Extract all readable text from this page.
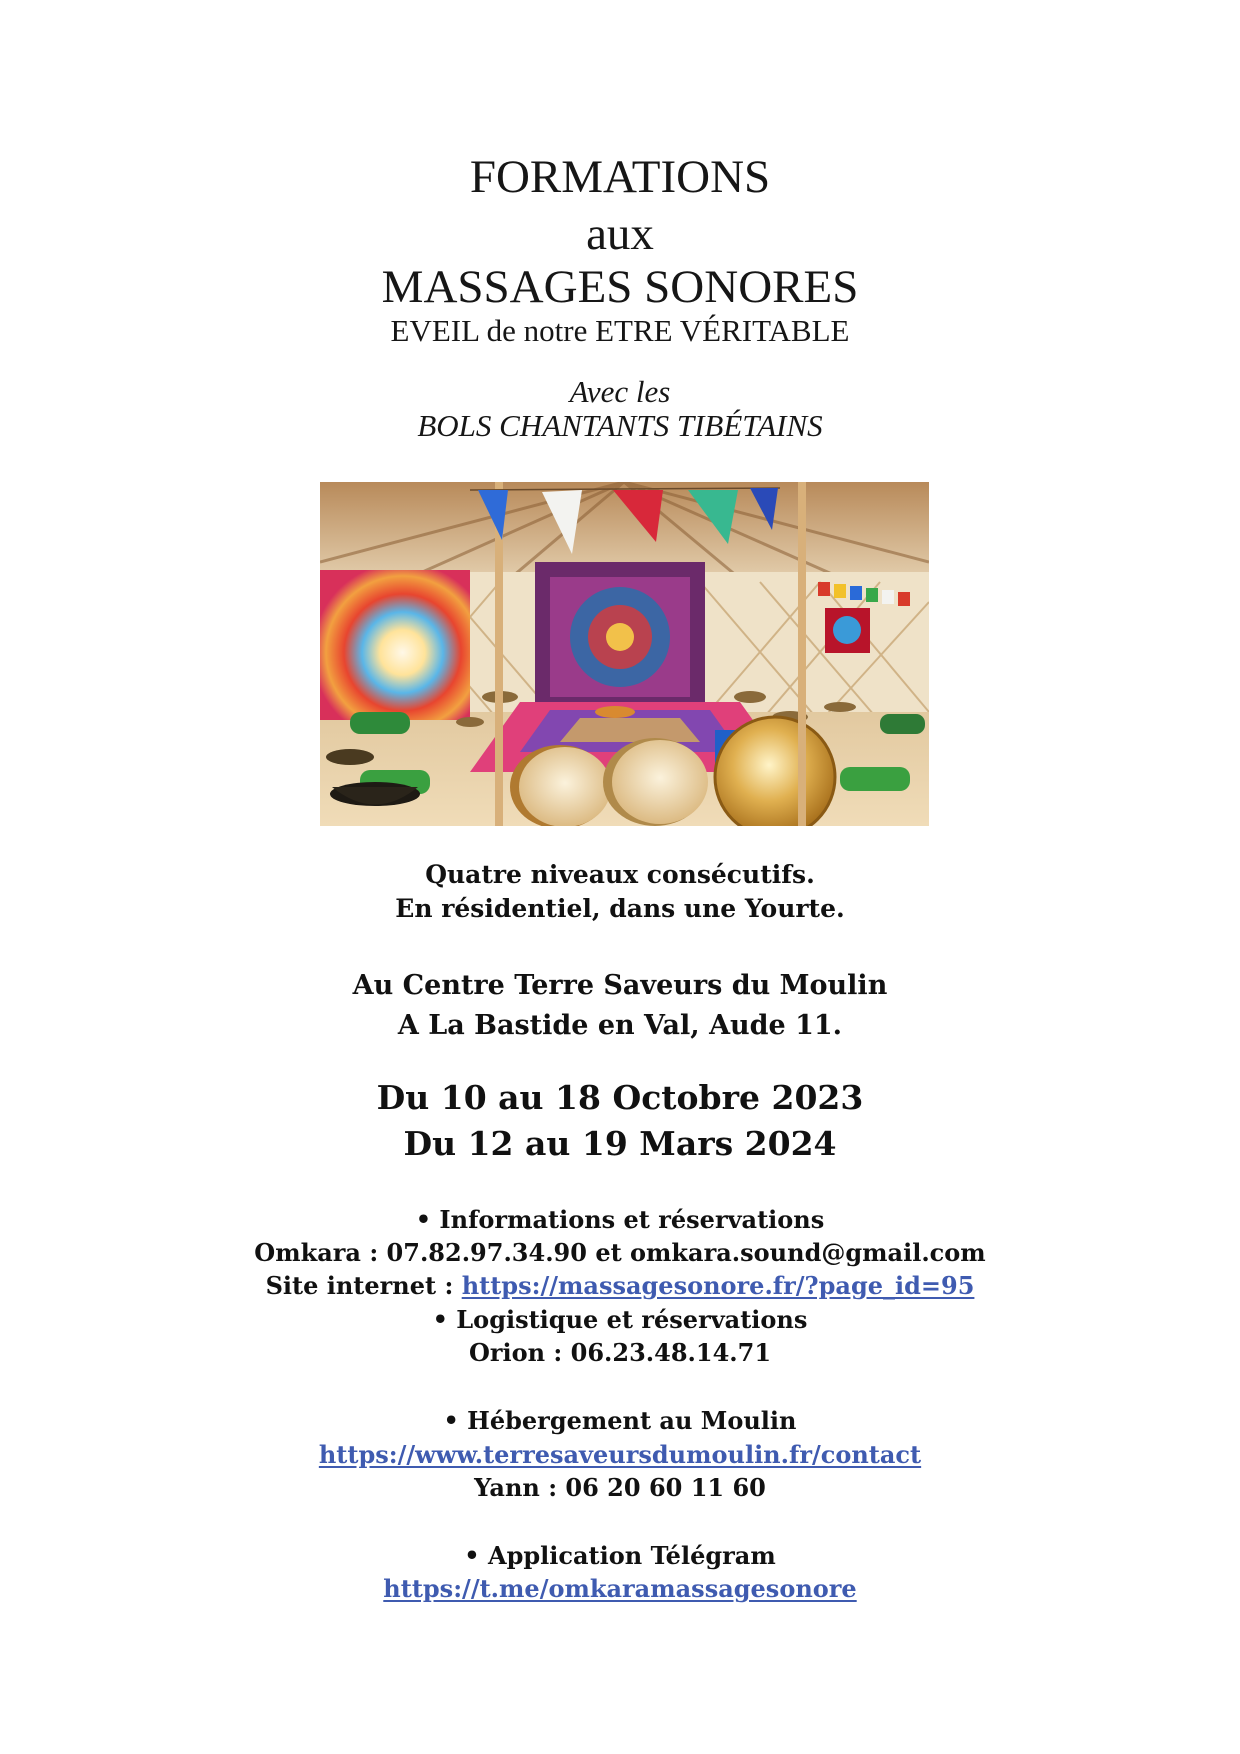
FORMATIONS
aux
MASSAGES SONORES
EVEIL de notre ETRE VÉRITABLE
Avec les
BOLS CHANTANTS TIBÉTAINS
Quatre niveaux consécutifs.
En résidentiel, dans une Yourte.
Au Centre Terre Saveurs du Moulin
A La Bastide en Val, Aude 11.
Du 10 au 18 Octobre 2023
Du 12 au 19 Mars 2024
• Informations et réservations
Omkara : 07.82.97.34.90 et omkara.sound@gmail.com
Site internet : https://massagesonore.fr/?page_id=95
• Logistique et réservations
Orion : 06.23.48.14.71
• Hébergement au Moulin
https://www.terresaveursdumoulin.fr/contact
Yann : 06 20 60 11 60
• Application Télégram
https://t.me/omkaramassagesonore
